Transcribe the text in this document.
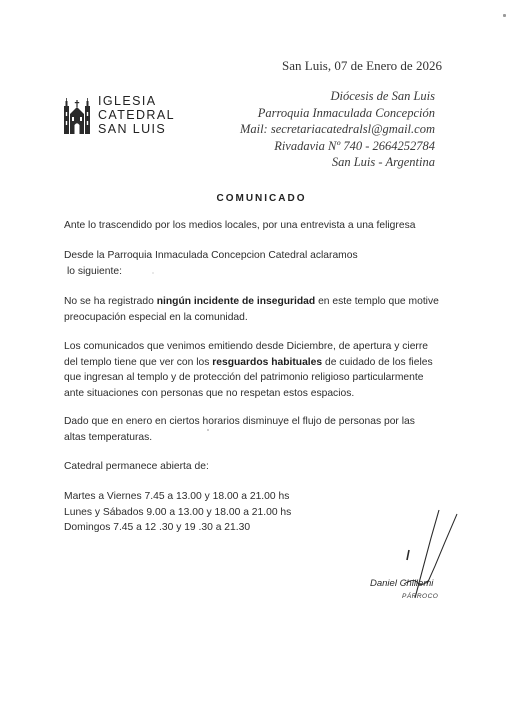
San Luis, 07 de Enero de 2026
Diócesis de San Luis
Parroquia Inmaculada Concepción
Mail: secretariacatedralsl@gmail.com
Rivadavia Nº 740 - 2664252784
San Luis - Argentina
IGLESIA
CATEDRAL
SAN LUIS
COMUNICADO
Ante lo trascendido por los medios locales, por una entrevista a una feligresa
Desde la Parroquia Inmaculada Concepcion Catedral aclaramos
lo siguiente:
No se ha registrado ningún incidente de inseguridad en este templo que motive
preocupación especial en la comunidad.
Los comunicados que venimos emitiendo desde Diciembre, de apertura y cierre
del templo tiene que ver con los resguardos habituales de cuidado de los fieles
que ingresan al templo y de protección del patrimonio religioso particularmente
ante situaciones con personas que no respetan estos espacios.
Dado que en enero en ciertos horarios disminuye el flujo de personas por las
altas temperaturas.
Catedral permanece abierta de:
Martes a Viernes 7.45 a 13.00 y 18.00 a 21.00 hs
Lunes y Sábados 9.00 a 13.00 y 18.00 a 21.00 hs
Domingos 7.45 a 12 .30 y 19 .30 a 21.30
Daniel Chillemi
PÁRROCO
